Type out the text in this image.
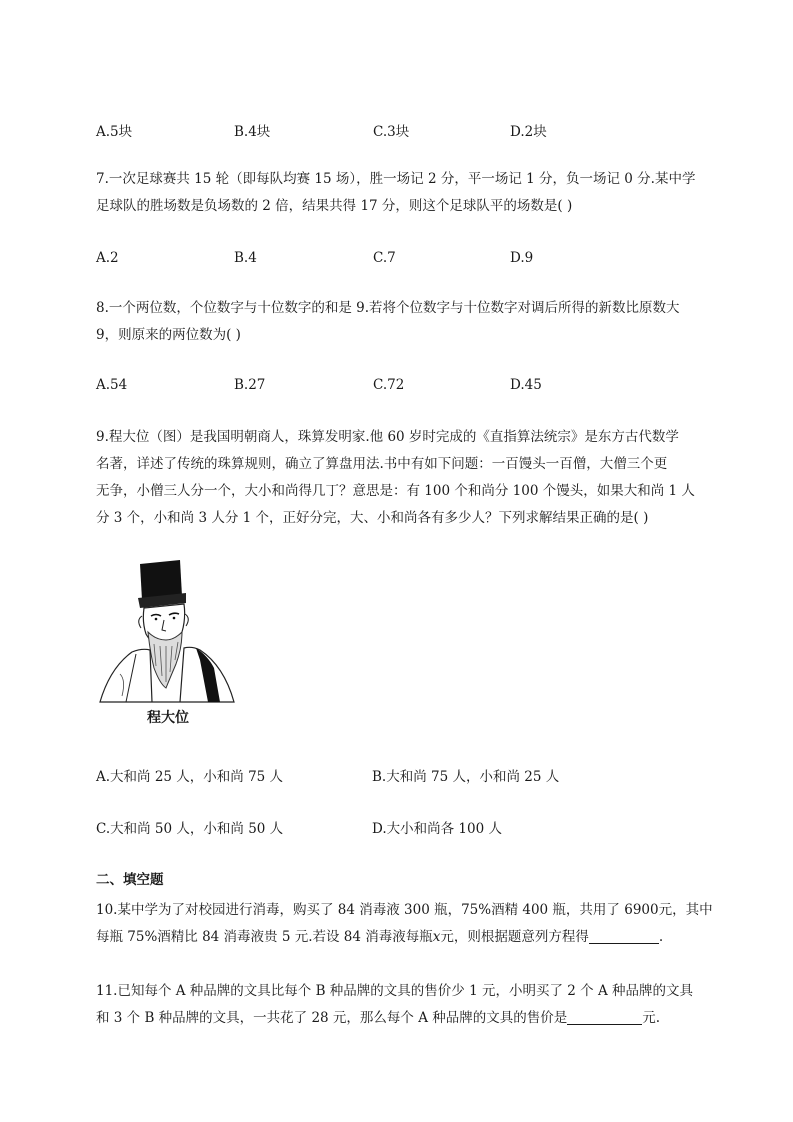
A.5块	B.4块	C.3块	D.2块
7.一次足球赛共 15 轮（即每队均赛 15 场），胜一场记 2 分，平一场记 1 分，负一场记 0 分.某中学
足球队的胜场数是负场数的 2 倍，结果共得 17 分，则这个足球队平的场数是( )
A.2	B.4	C.7	D.9
8.一个两位数，个位数字与十位数字的和是 9.若将个位数字与十位数字对调后所得的新数比原数大
9，则原来的两位数为( )
A.54	B.27	C.72	D.45
9.程大位（图）是我国明朝商人，珠算发明家.他 60 岁时完成的《直指算法统宗》是东方古代数学
名著，详述了传统的珠算规则，确立了算盘用法.书中有如下问题：一百馒头一百僧，大僧三个更
无争，小僧三人分一个，大小和尚得几丁？意思是：有 100 个和尚分 100 个馒头，如果大和尚 1 人
分 3 个，小和尚 3 人分 1 个，正好分完，大、小和尚各有多少人？下列求解结果正确的是( )
程大位
A.大和尚 25 人，小和尚 75 人	B.大和尚 75 人，小和尚 25 人
C.大和尚 50 人，小和尚 50 人	D.大小和尚各 100 人
二、填空题
10.某中学为了对校园进行消毒，购买了 84 消毒液 300 瓶，75%酒精 400 瓶，共用了 6900元，其中
每瓶 75%酒精比 84 消毒液贵 5 元.若设 84 消毒液每瓶x元，则根据题意列方程得	.
11.已知每个 A 种品牌的文具比每个 B 种品牌的文具的售价少 1 元，小明买了 2 个 A 种品牌的文具
和 3 个 B 种品牌的文具，一共花了 28 元，那么每个 A 种品牌的文具的售价是	元.
